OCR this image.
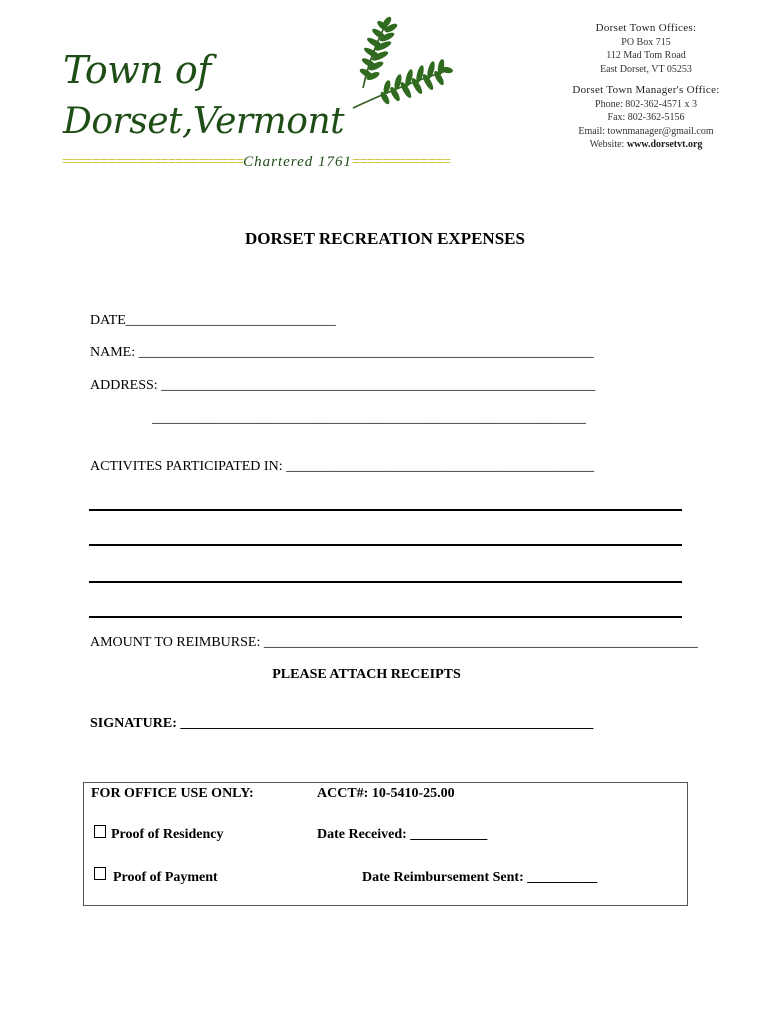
Town of
Dorset,Vermont
========================Chartered 1761=============
Dorset Town Offices:
PO Box 715
112 Mad Tom Road
East Dorset, VT 05253
Dorset Town Manager's Office:
Phone: 802-362-4571 x 3
Fax: 802-362-5156
Email: townmanager@gmail.com
Website: www.dorsetvt.org
DORSET RECREATION EXPENSES
DATE______________________________
NAME: _________________________________________________________________
ADDRESS: ______________________________________________________________
______________________________________________________________
ACTIVITES PARTICIPATED IN: ____________________________________________
AMOUNT TO REIMBURSE: ______________________________________________________________
PLEASE ATTACH RECEIPTS
SIGNATURE: ___________________________________________________________
FOR OFFICE USE ONLY:	ACCT#: 10-5410-25.00
Proof of Residency	Date Received: ___________
Proof of Payment	Date Reimbursement Sent: __________
